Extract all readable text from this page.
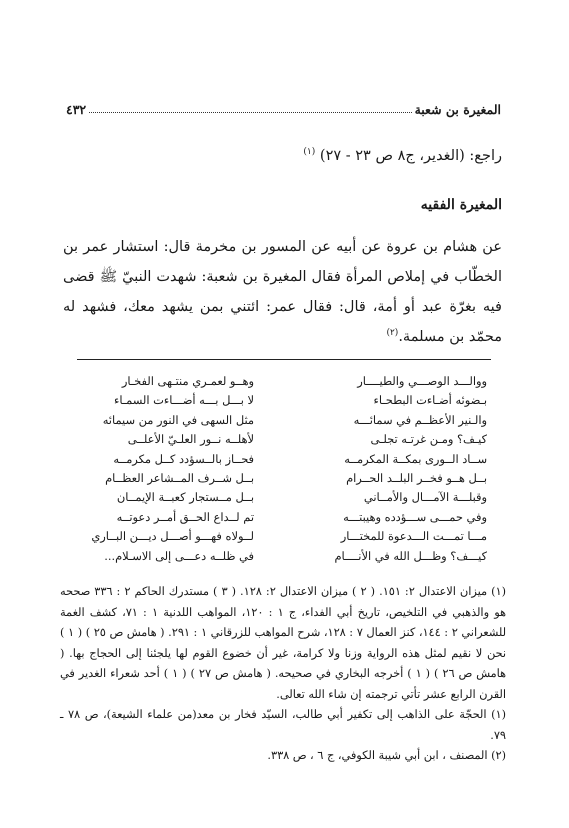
المغيرة بن شعبة
٤٣٢
راجع: (الغدير، ج٨ ص ٢٣ - ٢٧) $^{(١)}$
المغيرة الفقيه
عن هشام بن عروة عن أبيه عن المسور بن مخرمة قال: استشار عمر بن الخطّاب في إملاص المرأة فقال المغيرة بن شعبة: شهدت النبيّ ﷺ قضى فيه بغرّة عبد أو أمة، قال: فقال عمر: ائتني بمن يشهد معك، فشهد له محمّد بن مسلمة.$^{(٢)}$
ووالـــد الوصـــي والطيــــار
وهــو لعمـري منتـهى الفخـار
بـضوئه أضـاءت البطحـاء
لا بـــل بـــه أضـــاءت السمـاء
والـنير الأعظــم في سمائـــه
مثل السهى في النور من سيمائه
كيـف؟ ومـن غرتـه تجلـى
لأهلــه نــور العلـيّ الأعلــى
ســاد الــورى بمكــة المكرمــه
فحــاز بالــسؤدد كــل مكرمــه
بــل هــو فخــر البلــد الحــرام
بــل شــرف المــشاعر العظــام
وقبلـــة الآمـــال والأمــاني
بــل مــستجار كعبــة الإيمــان
وفي حمـــى ســـؤدده وهيبتـــه
تم لــداع الحــق أمــر دعوتــه
مـــا تمـــت الـــدعوة للمختـــار
لــولاه فهـــو أصـــل ديـــن البــاري
كيـــف؟ وظـــل الله في الأنــــام
في ظلــه دعـــى إلى الاسـلام...

(١) ميزان الاعتدال ٢: ١٥١. ( ٢ ) ميزان الاعتدال ٢: ١٢٨. ( ٣ ) مستدرك الحاكم ٢ : ٣٣٦ صححه هو والذهبي في التلخيص، تاريخ أبي الفداء، ج ١ : ١٢٠، المواهب اللدنية ١ : ٧١، كشف الغمة للشعراني ٢ : ١٤٤، كنز العمال ٧ : ١٢٨، شرح المواهب للزرقاني ١ : ٢٩١. ( هامش ص ٢٥ ) ( ١ ) نحن لا نقيم لمثل هذه الرواية وزنا ولا كرامة، غير أن خضوع القوم لها يلجئنا إلى الحجاج بها. ( هامش ص ٢٦ ) ( ١ ) أخرجه البخاري في صحيحه. ( هامش ص ٢٧ ) ( ١ ) أحد شعراء الغدير في القرن الرابع عشر تأتي ترجمته إن شاء الله تعالى.

(١) الحجّة على الذاهب إلى تكفير أبي طالب، السيّد فخار بن معد(من علماء الشيعة)، ص ٧٨ ـ ٧٩.

(٢) المصنف ، ابن أبي شيبة الكوفي، ج ٦ ، ص ٣٣٨.
